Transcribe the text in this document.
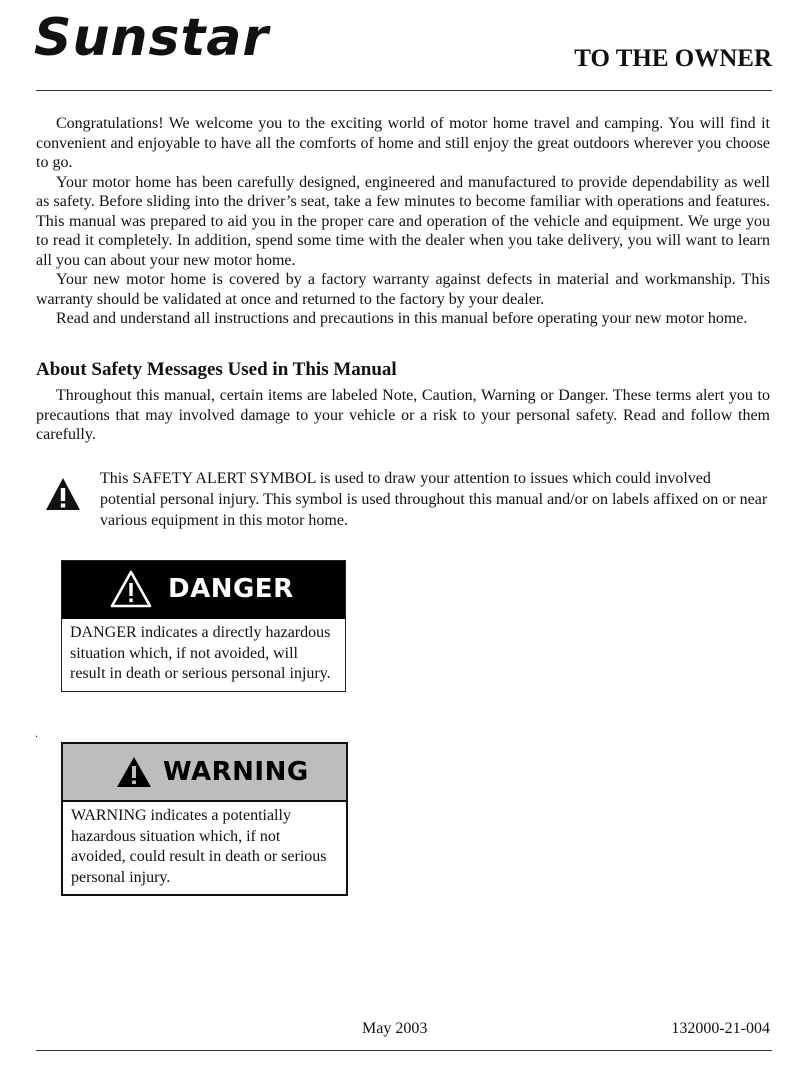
Sunstar	TO THE OWNER

Congratulations! We welcome you to the exciting world of motor home travel and camping. You will find it convenient and enjoyable to have all the comforts of home and still enjoy the great outdoors wherever you choose to go.

Your motor home has been carefully designed, engineered and manufactured to provide dependability as well as safety. Before sliding into the driver’s seat, take a few minutes to become familiar with operations and features. This manual was prepared to aid you in the proper care and operation of the vehicle and equipment. We urge you to read it completely. In addition, spend some time with the dealer when you take delivery, you will want to learn all you can about your new motor home.

Your new motor home is covered by a factory warranty against defects in material and workmanship. This warranty should be validated at once and returned to the factory by your dealer.

Read and understand all instructions and precautions in this manual before operating your new motor home.

About Safety Messages Used in This Manual

Throughout this manual, certain items are labeled Note, Caution, Warning or Danger. These terms alert you to precautions that may involved damage to your vehicle or a risk to your personal safety. Read and follow them carefully.

This SAFETY ALERT SYMBOL is used to draw your attention to issues which could involved potential personal injury. This symbol is used throughout this manual and/or on labels affixed on or near various equipment in this motor home.
DANGER
DANGER indicates a directly hazardous situation which, if not avoided, will result in death or serious personal injury.
.
WARNING
WARNING indicates a potentially hazardous situation which, if not avoided, could result in death or serious personal injury.
May 2003	132000-21-004
